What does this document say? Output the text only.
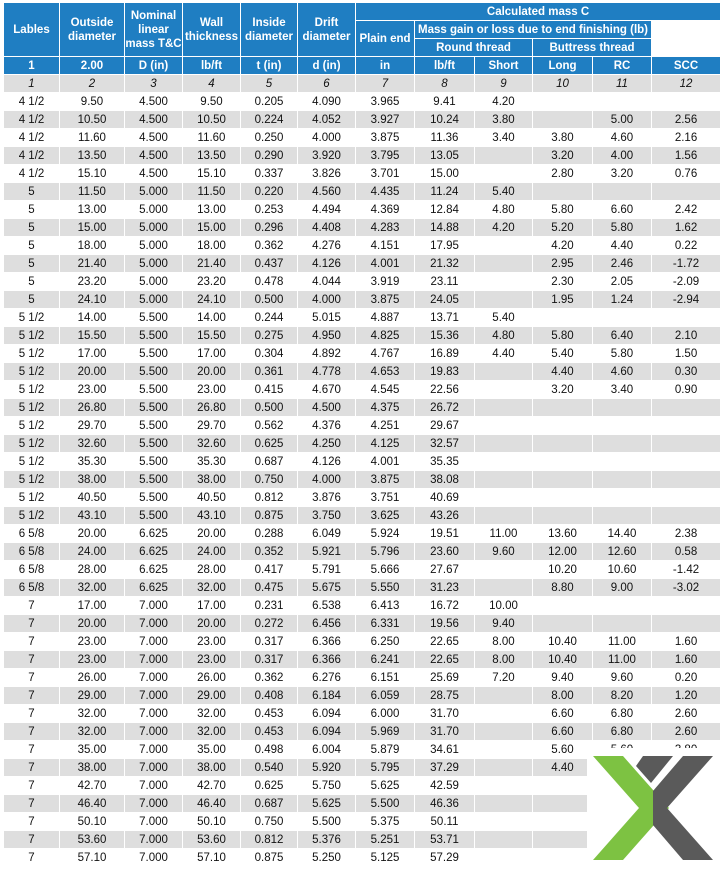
Lables	Outside diameter	Nominal linear mass T&C	Wall thickness	Inside diameter	Drift diameter	Calculated mass C					
						Plain end	Mass gain or loss due to end finishing (lb)				
							Round thread		Buttress thread		
1	2.00	D (in)	lb/ft	t (in)	d (in)	in	lb/ft	Short	Long	RC	SCC
1	2	3	4	5	6	7	8	9	10	11	12
4 1/2	9.50	4.500	9.50	0.205	4.090	3.965	9.41	4.20			
4 1/2	10.50	4.500	10.50	0.224	4.052	3.927	10.24	3.80		5.00	2.56
4 1/2	11.60	4.500	11.60	0.250	4.000	3.875	11.36	3.40	3.80	4.60	2.16
4 1/2	13.50	4.500	13.50	0.290	3.920	3.795	13.05		3.20	4.00	1.56
4 1/2	15.10	4.500	15.10	0.337	3.826	3.701	15.00		2.80	3.20	0.76
5	11.50	5.000	11.50	0.220	4.560	4.435	11.24	5.40			
5	13.00	5.000	13.00	0.253	4.494	4.369	12.84	4.80	5.80	6.60	2.42
5	15.00	5.000	15.00	0.296	4.408	4.283	14.88	4.20	5.20	5.80	1.62
5	18.00	5.000	18.00	0.362	4.276	4.151	17.95		4.20	4.40	0.22
5	21.40	5.000	21.40	0.437	4.126	4.001	21.32		2.95	2.46	-1.72
5	23.20	5.000	23.20	0.478	4.044	3.919	23.11		2.30	2.05	-2.09
5	24.10	5.000	24.10	0.500	4.000	3.875	24.05		1.95	1.24	-2.94
5 1/2	14.00	5.500	14.00	0.244	5.015	4.887	13.71	5.40			
5 1/2	15.50	5.500	15.50	0.275	4.950	4.825	15.36	4.80	5.80	6.40	2.10
5 1/2	17.00	5.500	17.00	0.304	4.892	4.767	16.89	4.40	5.40	5.80	1.50
5 1/2	20.00	5.500	20.00	0.361	4.778	4.653	19.83		4.40	4.60	0.30
5 1/2	23.00	5.500	23.00	0.415	4.670	4.545	22.56		3.20	3.40	0.90
5 1/2	26.80	5.500	26.80	0.500	4.500	4.375	26.72				
5 1/2	29.70	5.500	29.70	0.562	4.376	4.251	29.67				
5 1/2	32.60	5.500	32.60	0.625	4.250	4.125	32.57				
5 1/2	35.30	5.500	35.30	0.687	4.126	4.001	35.35				
5 1/2	38.00	5.500	38.00	0.750	4.000	3.875	38.08				
5 1/2	40.50	5.500	40.50	0.812	3.876	3.751	40.69				
5 1/2	43.10	5.500	43.10	0.875	3.750	3.625	43.26				
6 5/8	20.00	6.625	20.00	0.288	6.049	5.924	19.51	11.00	13.60	14.40	2.38
6 5/8	24.00	6.625	24.00	0.352	5.921	5.796	23.60	9.60	12.00	12.60	0.58
6 5/8	28.00	6.625	28.00	0.417	5.791	5.666	27.67		10.20	10.60	-1.42
6 5/8	32.00	6.625	32.00	0.475	5.675	5.550	31.23		8.80	9.00	-3.02
7	17.00	7.000	17.00	0.231	6.538	6.413	16.72	10.00			
7	20.00	7.000	20.00	0.272	6.456	6.331	19.56	9.40			
7	23.00	7.000	23.00	0.317	6.366	6.250	22.65	8.00	10.40	11.00	1.60
7	23.00	7.000	23.00	0.317	6.366	6.241	22.65	8.00	10.40	11.00	1.60
7	26.00	7.000	26.00	0.362	6.276	6.151	25.69	7.20	9.40	9.60	0.20
7	29.00	7.000	29.00	0.408	6.184	6.059	28.75		8.00	8.20	1.20
7	32.00	7.000	32.00	0.453	6.094	6.000	31.70		6.60	6.80	2.60
7	32.00	7.000	32.00	0.453	6.094	5.969	31.70		6.60	6.80	2.60
7	35.00	7.000	35.00	0.498	6.004	5.879	34.61		5.60		
7	38.00	7.000	38.00	0.540	5.920	5.795	37.29		4.40		
7	42.70	7.000	42.70	0.625	5.750	5.625	42.59				
7	46.40	7.000	46.40	0.687	5.625	5.500	46.36				
7	50.10	7.000	50.10	0.750	5.500	5.375	50.11				
7	53.60	7.000	53.60	0.812	5.376	5.251	53.71				
7	57.10	7.000	57.10	0.875	5.250	5.125	57.29				
